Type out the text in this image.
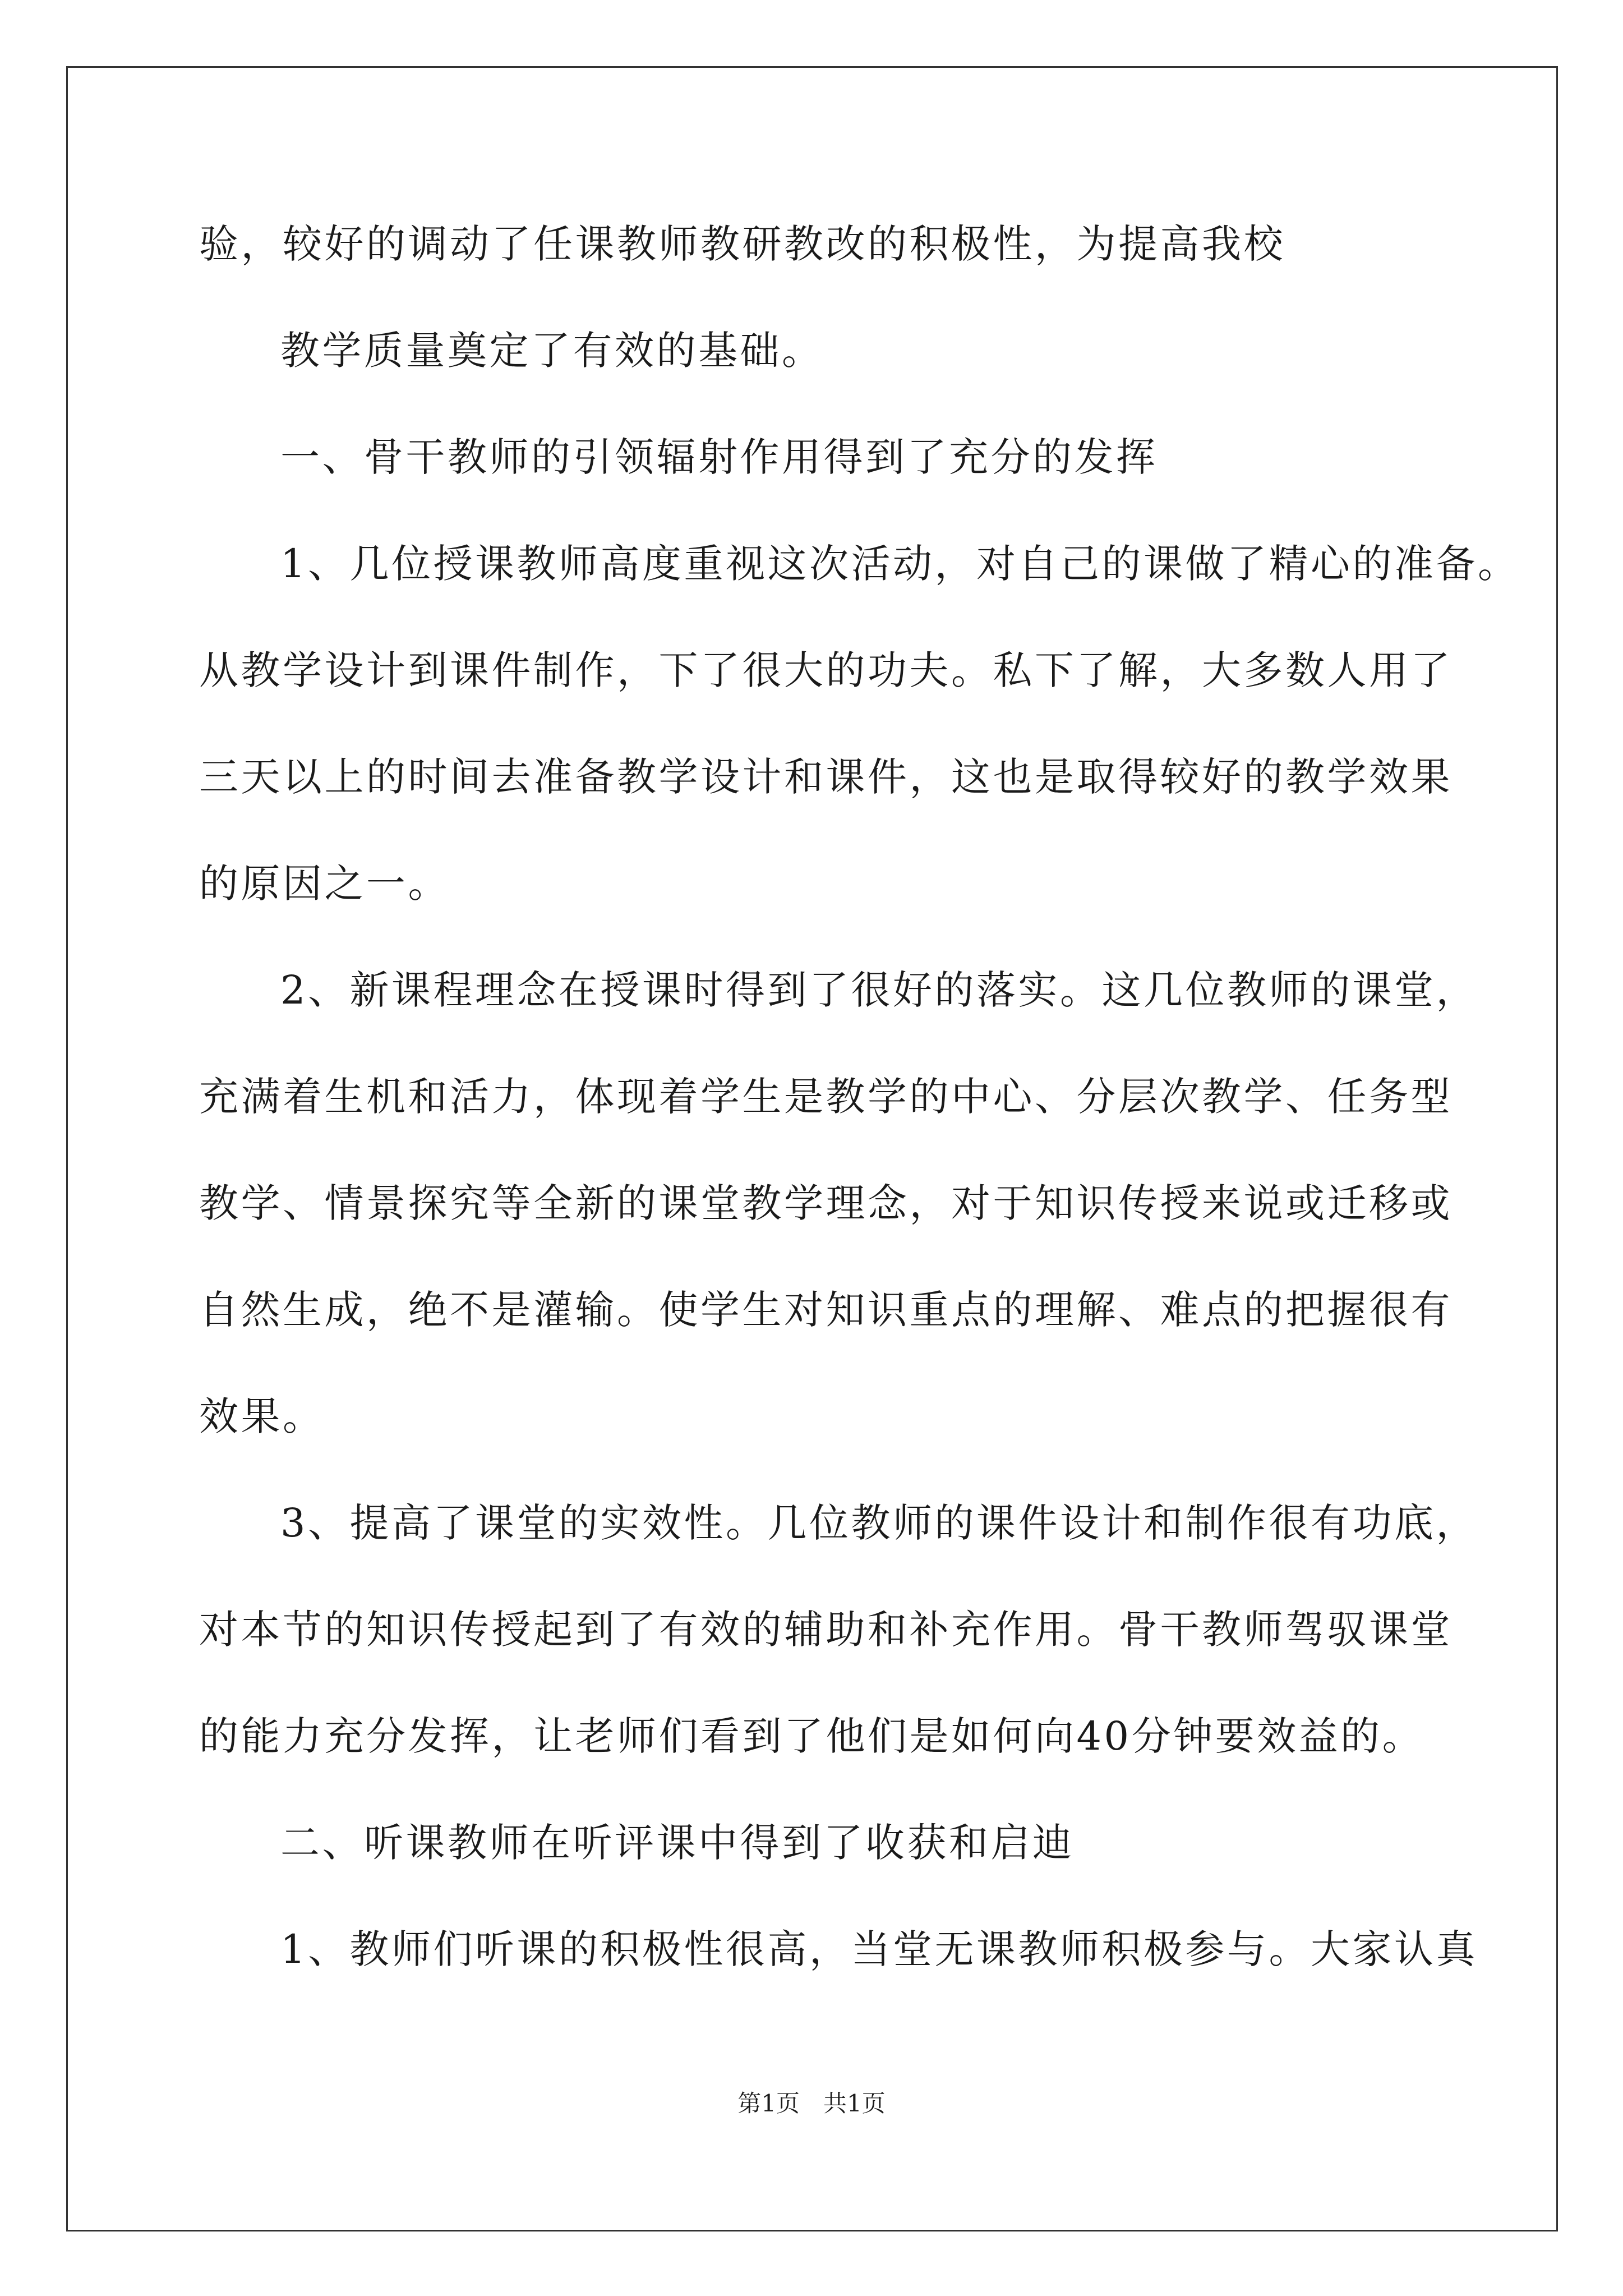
验，较好的调动了任课教师教研教改的积极性，为提高我校
教学质量奠定了有效的基础。
一、骨干教师的引领辐射作用得到了充分的发挥
1、几位授课教师高度重视这次活动，对自己的课做了精心的准备。
从教学设计到课件制作，下了很大的功夫。私下了解，大多数人用了
三天以上的时间去准备教学设计和课件，这也是取得较好的教学效果
的原因之一。
2、新课程理念在授课时得到了很好的落实。这几位教师的课堂，
充满着生机和活力，体现着学生是教学的中心、分层次教学、任务型
教学、情景探究等全新的课堂教学理念，对于知识传授来说或迁移或
自然生成，绝不是灌输。使学生对知识重点的理解、难点的把握很有
效果。
3、提高了课堂的实效性。几位教师的课件设计和制作很有功底，
对本节的知识传授起到了有效的辅助和补充作用。骨干教师驾驭课堂
的能力充分发挥，让老师们看到了他们是如何向40分钟要效益的。
二、听课教师在听评课中得到了收获和启迪
1、教师们听课的积极性很高，当堂无课教师积极参与。大家认真
第1页　共1页
